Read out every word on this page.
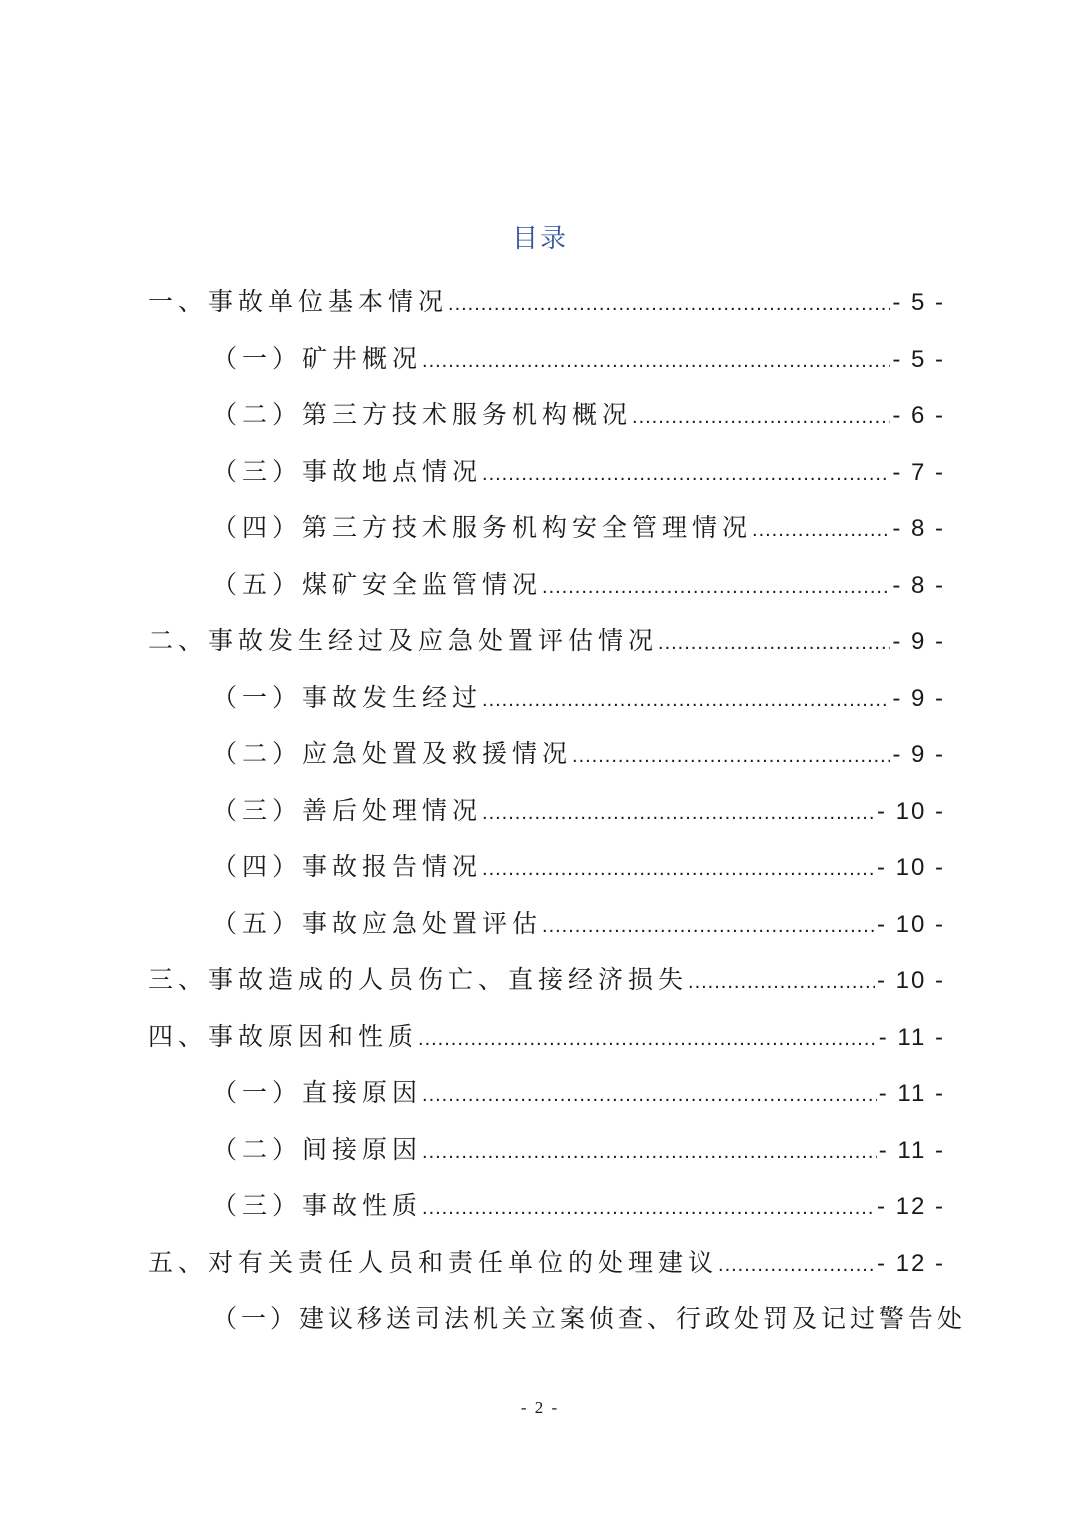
目录
一、事故单位基本情况 .....	- 5 -
（一）矿井概况 .....	- 5 -
（二）第三方技术服务机构概况 .....	- 6 -
（三）事故地点情况 .....	- 7 -
（四）第三方技术服务机构安全管理情况 .....	- 8 -
（五）煤矿安全监管情况 .....	- 8 -
二、事故发生经过及应急处置评估情况 .....	- 9 -
（一）事故发生经过 .....	- 9 -
（二）应急处置及救援情况 .....	- 9 -
（三）善后处理情况 .....	- 10 -
（四）事故报告情况 .....	- 10 -
（五）事故应急处置评估 .....	- 10 -
三、事故造成的人员伤亡、直接经济损失 .....	- 10 -
四、事故原因和性质 .....	- 11 -
（一）直接原因 .....	- 11 -
（二）间接原因 .....	- 11 -
（三）事故性质 .....	- 12 -
五、对有关责任人员和责任单位的处理建议 .....	- 12 -
（一）建议移送司法机关立案侦查、行政处罚及记过警告处
- 2 -
